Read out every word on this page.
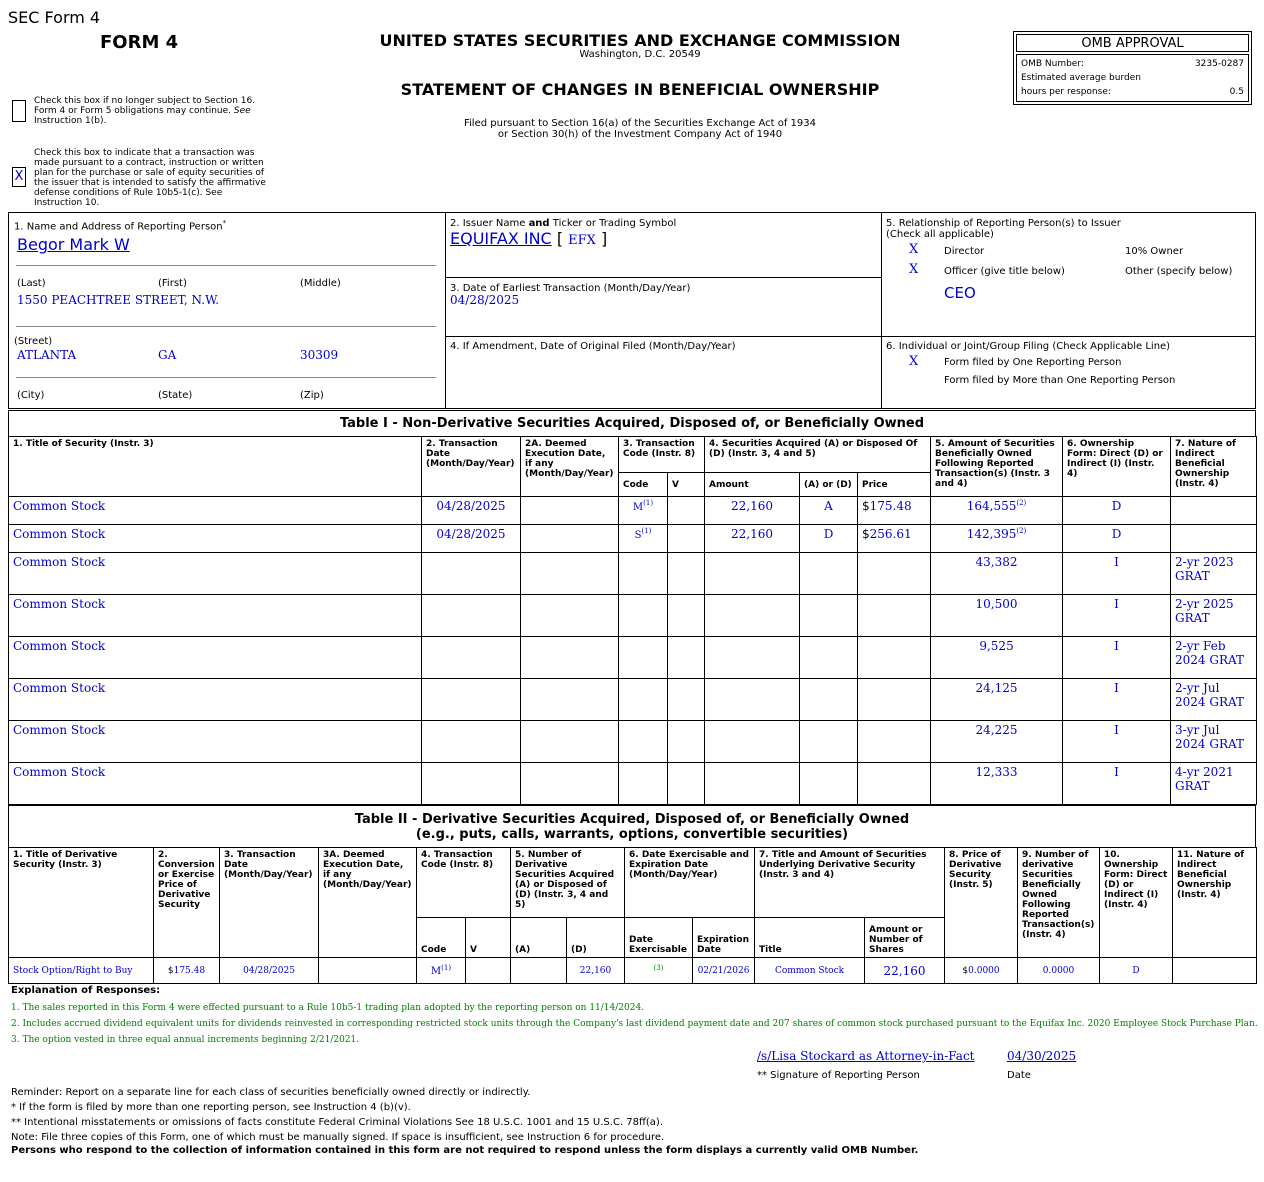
SEC Form 4
FORM 4	UNITED STATES SECURITIES AND EXCHANGE COMMISSION
Washington, D.C. 20549
STATEMENT OF CHANGES IN BENEFICIAL OWNERSHIP
Filed pursuant to Section 16(a) of the Securities Exchange Act of 1934
or Section 30(h) of the Investment Company Act of 1940
OMB APPROVAL
OMB Number:	3235-0287
Estimated average burden
hours per response:	0.5
Check this box if no longer subject to Section 16. Form 4 or Form 5 obligations may continue. See Instruction 1(b).
X
Check this box to indicate that a transaction was made pursuant to a contract, instruction or written plan for the purchase or sale of equity securities of the issuer that is intended to satisfy the affirmative defense conditions of Rule 10b5-1(c). See Instruction 10.
1. Name and Address of Reporting Person*
Begor Mark W
(Last)	(First)	(Middle)
1550 PEACHTREE STREET, N.W.
(Street)
ATLANTA	GA	30309
(City)	(State)	(Zip)
2. Issuer Name and Ticker or Trading Symbol
EQUIFAX INC [ EFX ]
3. Date of Earliest Transaction (Month/Day/Year)
04/28/2025
4. If Amendment, Date of Original Filed (Month/Day/Year)
5. Relationship of Reporting Person(s) to Issuer
(Check all applicable)
X	Director	10% Owner
X	Officer (give title below)	Other (specify below)
CEO
6. Individual or Joint/Group Filing (Check Applicable Line)
X	Form filed by One Reporting Person
Form filed by More than One Reporting Person
Table I - Non-Derivative Securities Acquired, Disposed of, or Beneficially Owned
1. Title of Security (Instr. 3)	2. Transaction Date (Month/Day/Year)	2A. Deemed Execution Date, if any (Month/Day/Year)	3. Transaction Code (Instr. 8)		4. Securities Acquired (A) or Disposed Of (D) (Instr. 3, 4 and 5)			5. Amount of Securities Beneficially Owned Following Reported Transaction(s) (Instr. 3 and 4)	6. Ownership Form: Direct (D) or Indirect (I) (Instr. 4)	7. Nature of Indirect Beneficial Ownership (Instr. 4)
			Code	V	Amount	(A) or (D)	Price			
Common Stock	04/28/2025		$M^{(1)}$		22,160	A	$175.48	164,555$^{(2)}$	D	
Common Stock	04/28/2025		$S^{(1)}$		22,160	D	$256.61	142,395$^{(2)}$	D	
Common Stock								43,382	I	2-yr 2023 GRAT
Common Stock								10,500	I	2-yr 2025 GRAT
Common Stock								9,525	I	2-yr Feb 2024 GRAT
Common Stock								24,125	I	2-yr Jul 2024 GRAT
Common Stock								24,225	I	3-yr Jul 2024 GRAT
Common Stock								12,333	I	4-yr 2021 GRAT
Table II - Derivative Securities Acquired, Disposed of, or Beneficially Owned
(e.g., puts, calls, warrants, options, convertible securities)
1. Title of Derivative Security (Instr. 3)	2. Conversion or Exercise Price of Derivative Security	3. Transaction Date (Month/Day/Year)	3A. Deemed Execution Date, if any (Month/Day/Year)	4. Transaction Code (Instr. 8)		5. Number of Derivative Securities Acquired (A) or Disposed of (D) (Instr. 3, 4 and 5)		6. Date Exercisable and Expiration Date (Month/Day/Year)		7. Title and Amount of Securities Underlying Derivative Security (Instr. 3 and 4)		8. Price of Derivative Security (Instr. 5)	9. Number of derivative Securities Beneficially Owned Following Reported Transaction(s) (Instr. 4)	10. Ownership Form: Direct (D) or Indirect (I) (Instr. 4)	11. Nature of Indirect Beneficial Ownership (Instr. 4)
				Code	V	(A)	(D)	Date Exercisable	Expiration Date	Title	Amount or Number of Shares				
Stock Option/Right to Buy	$175.48	04/28/2025		$M^{(1)}$			22,160	$^{(3)}$	02/21/2026	Common Stock	22,160	$0.0000	0.0000	D	
Explanation of Responses:
1. The sales reported in this Form 4 were effected pursuant to a Rule 10b5-1 trading plan adopted by the reporting person on 11/14/2024.
2. Includes accrued dividend equivalent units for dividends reinvested in corresponding restricted stock units through the Company's last dividend payment date and 207 shares of common stock purchased pursuant to the Equifax Inc. 2020 Employee Stock Purchase Plan.
3. The option vested in three equal annual increments beginning 2/21/2021.
/s/Lisa Stockard as Attorney-in-Fact	04/30/2025
** Signature of Reporting Person	Date
Reminder: Report on a separate line for each class of securities beneficially owned directly or indirectly.
* If the form is filed by more than one reporting person, see Instruction 4 (b)(v).
** Intentional misstatements or omissions of facts constitute Federal Criminal Violations See 18 U.S.C. 1001 and 15 U.S.C. 78ff(a).
Note: File three copies of this Form, one of which must be manually signed. If space is insufficient, see Instruction 6 for procedure.
Persons who respond to the collection of information contained in this form are not required to respond unless the form displays a currently valid OMB Number.
